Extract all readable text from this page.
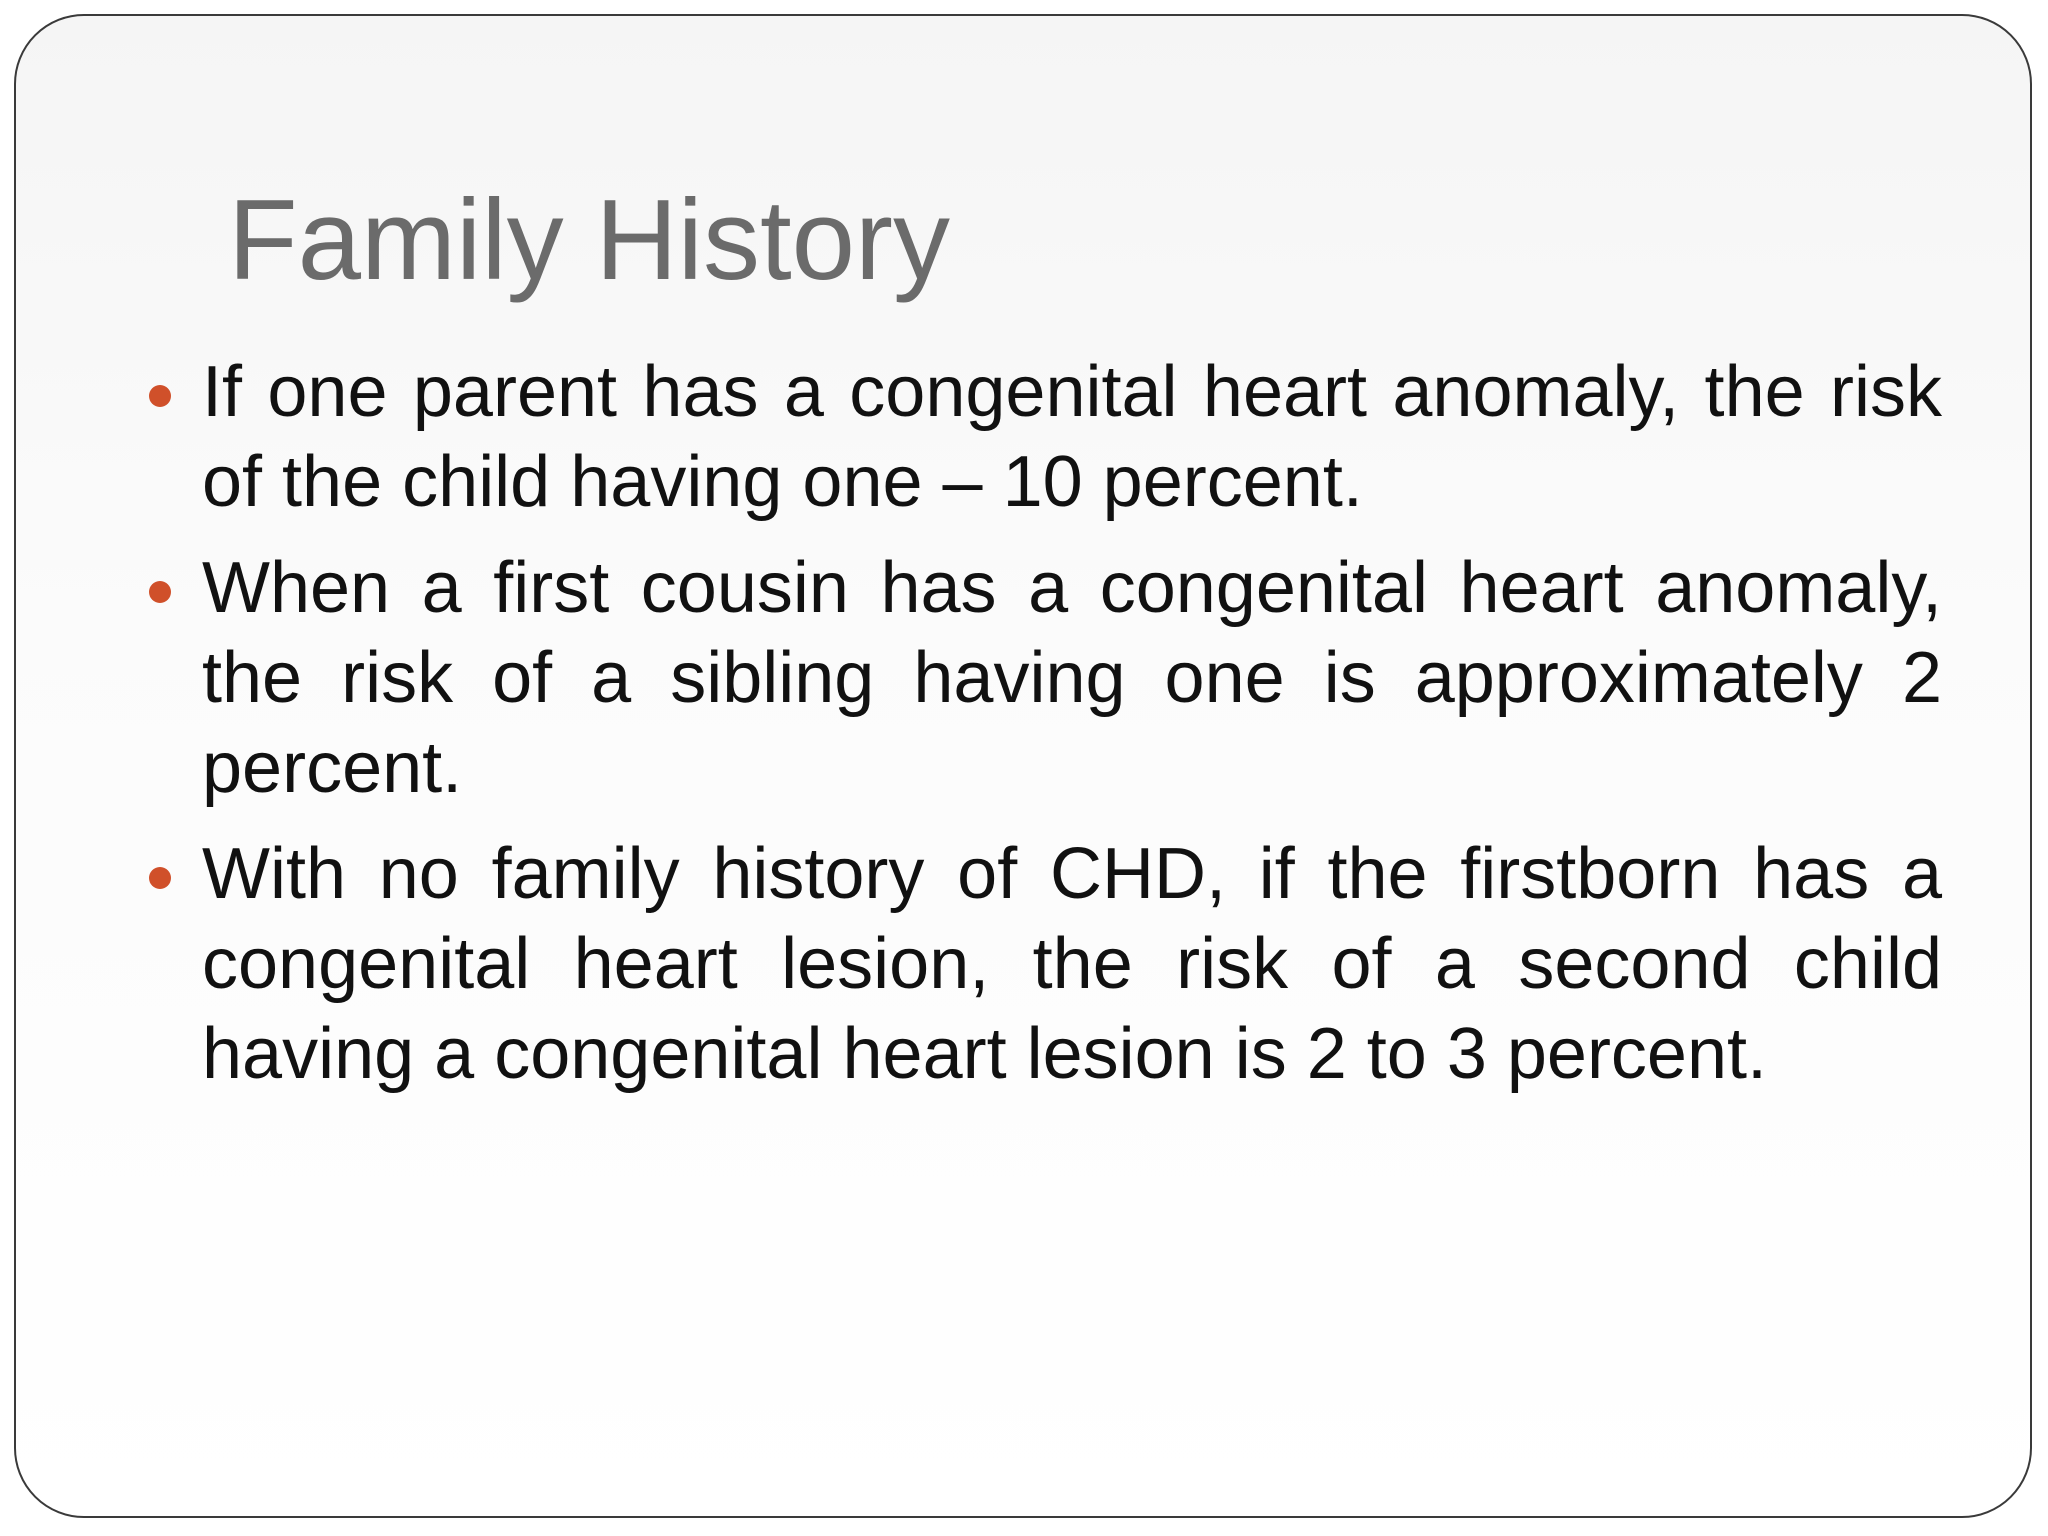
Family History
If one parent has a congenital heart anomaly, the risk of the child having one – 10 percent.
When a first cousin has a congenital heart anomaly, the risk of a sibling having one is approximately 2 percent.
With no family history of CHD, if the firstborn has a congenital heart lesion, the risk of a second child having a congenital heart lesion is 2 to 3 percent.
